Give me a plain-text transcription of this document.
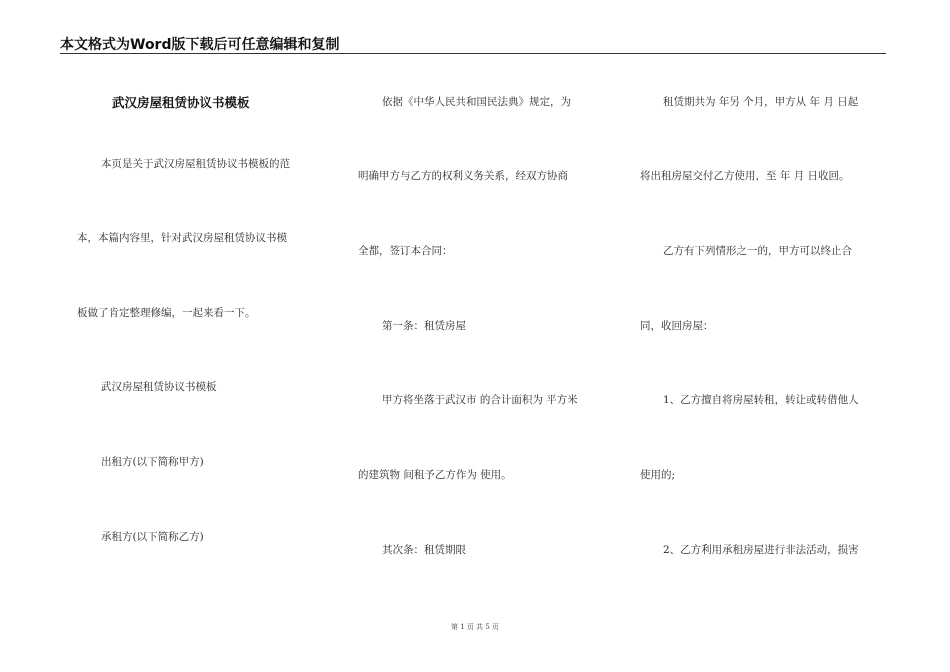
本文格式为Word版下载后可任意编辑和复制
武汉房屋租赁协议书模板
本页是关于武汉房屋租赁协议书模板的范
本，本篇内容里，针对武汉房屋租赁协议书模
板做了肯定整理修编，一起来看一下。
武汉房屋租赁协议书模板
出租方(以下简称甲方)
承租方(以下简称乙方)
依据《中华人民共和国民法典》规定，为
明确甲方与乙方的权利义务关系，经双方协商
全都，签订本合同：
第一条：租赁房屋
甲方将坐落于武汉市 的合计面积为 平方米
的建筑物 间租予乙方作为 使用。
其次条：租赁期限
租赁期共为 年另 个月，甲方从 年 月 日起
将出租房屋交付乙方使用，至 年 月 日收回。
乙方有下列情形之一的，甲方可以终止合
同，收回房屋：
1、乙方擅自将房屋转租，转让或转借他人
使用的;
2、乙方利用承租房屋进行非法活动，损害
第 1 页 共 5 页
